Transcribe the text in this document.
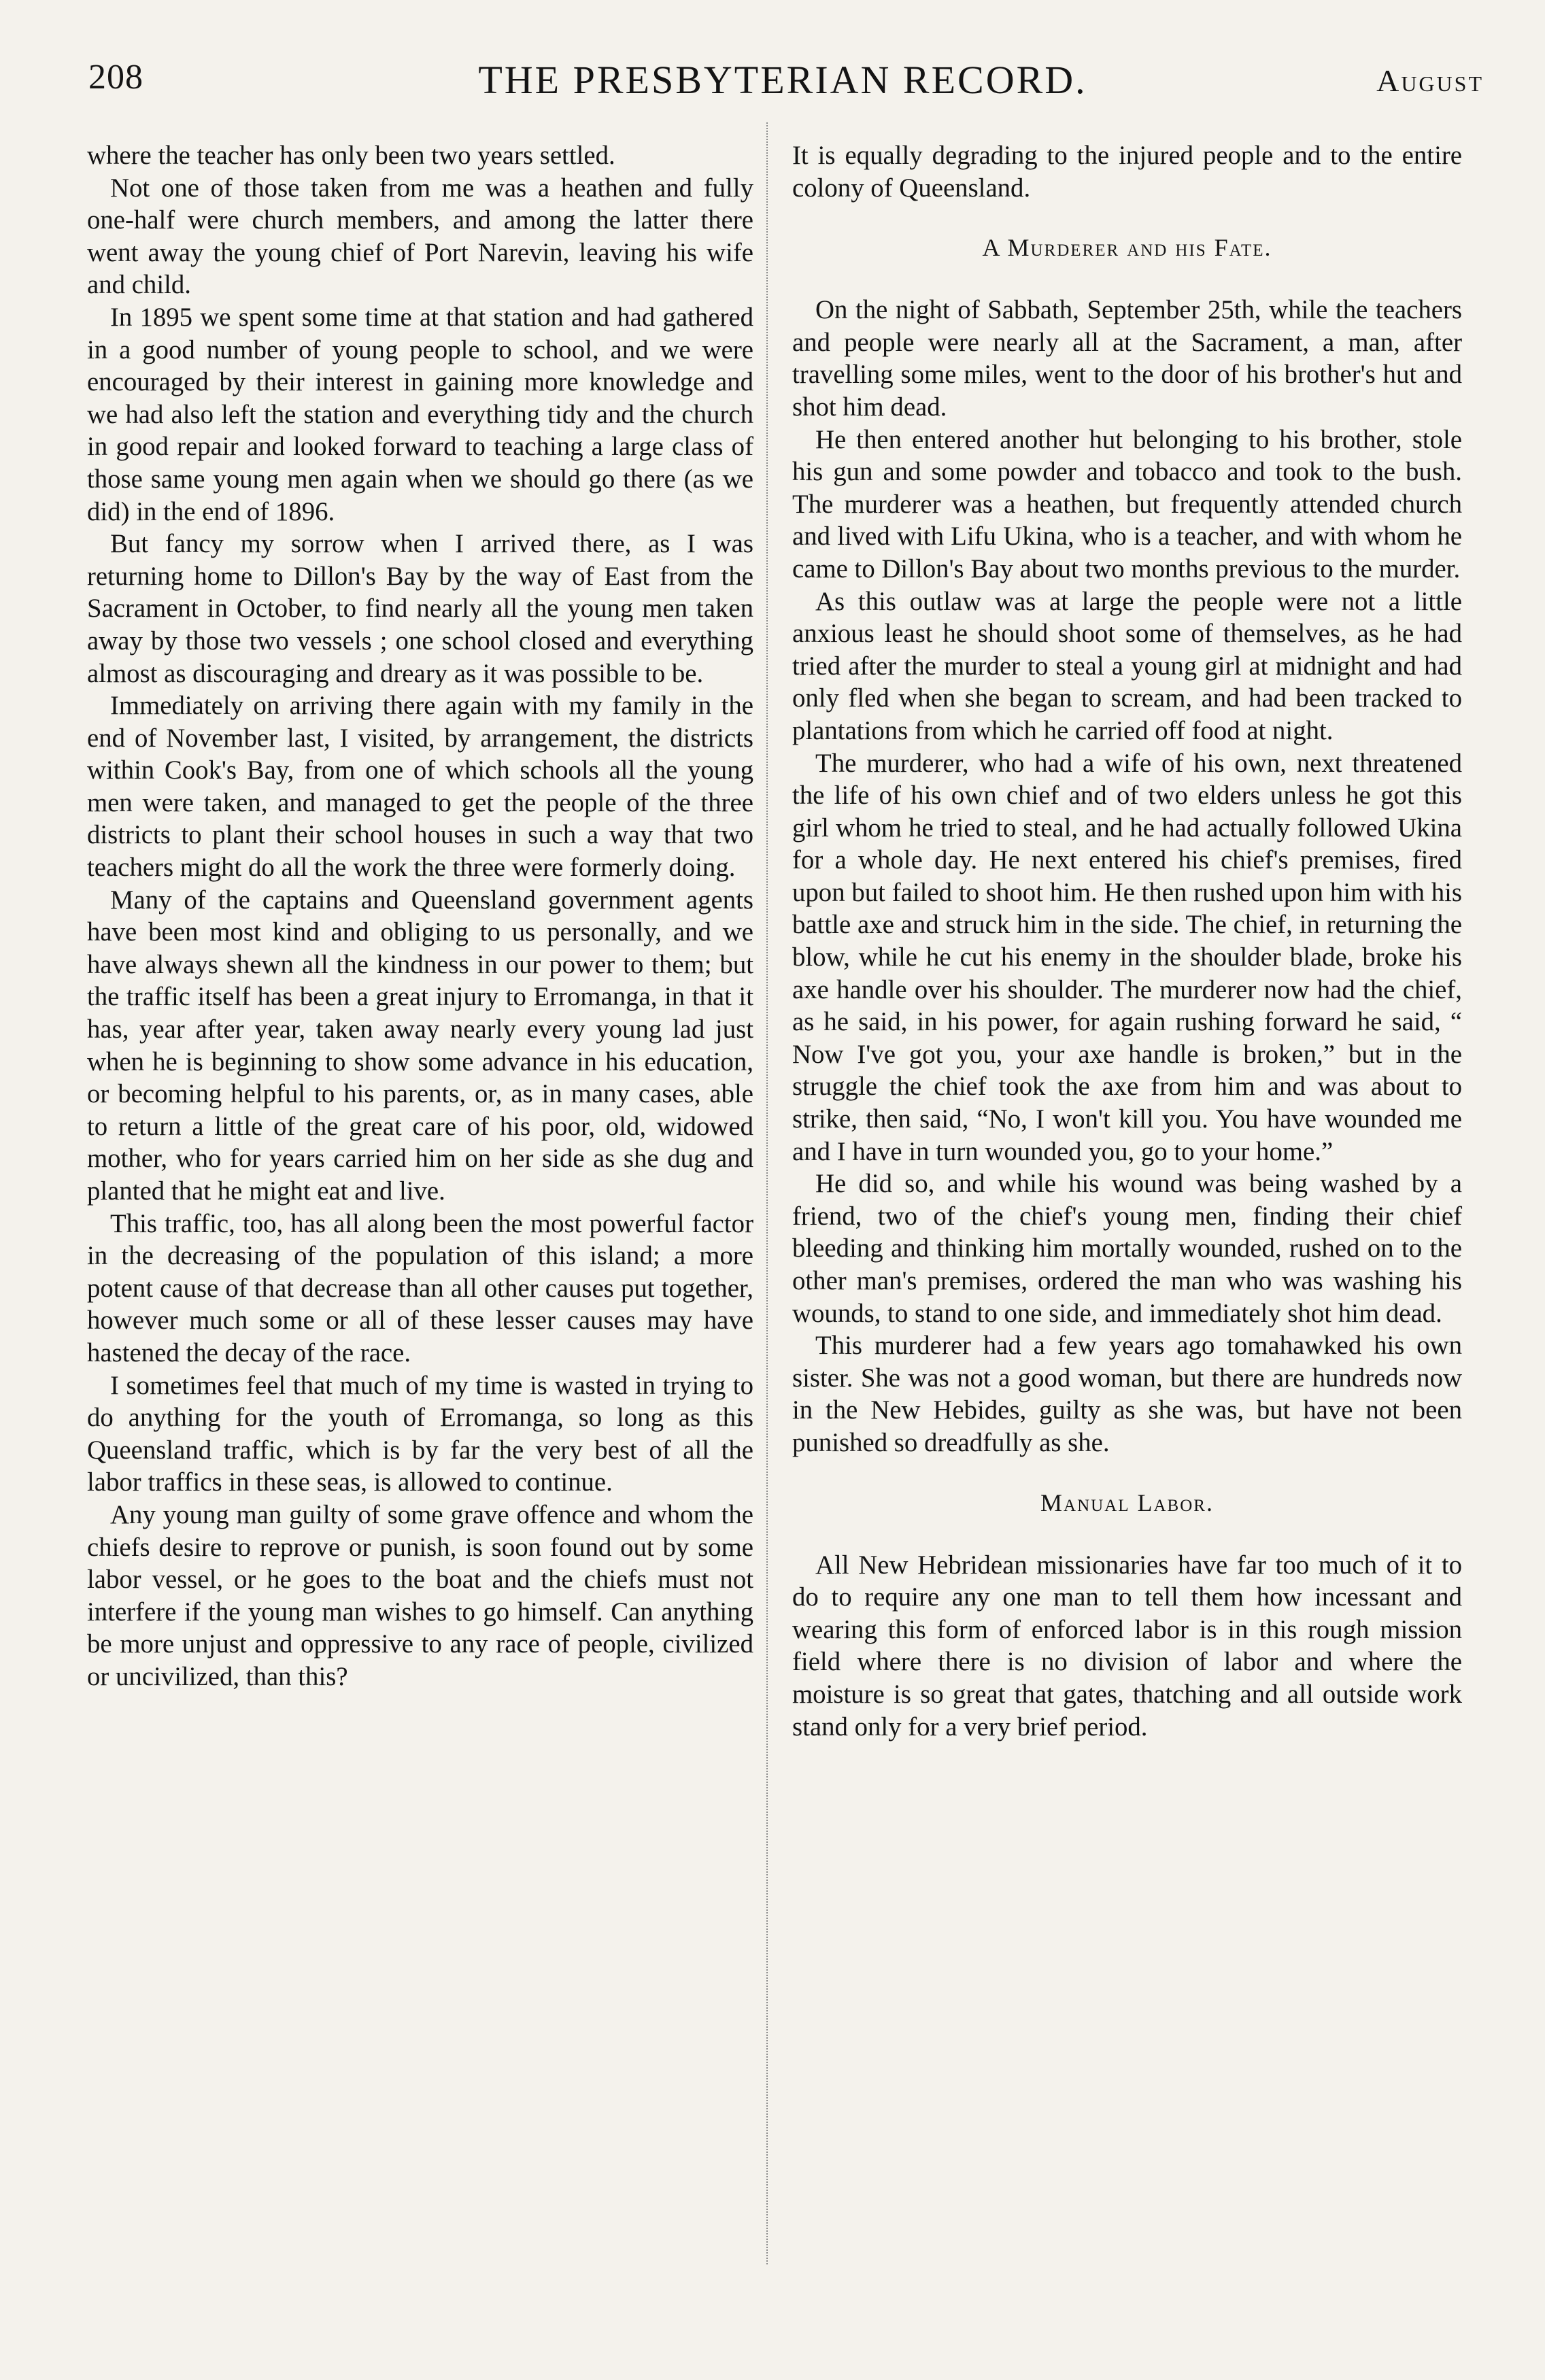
208	THE PRESBYTERIAN RECORD.	August

where the teacher has only been two years settled.

Not one of those taken from me was a heathen and fully one-half were church members, and among the latter there went away the young chief of Port Narevin, leaving his wife and child.

In 1895 we spent some time at that station and had gathered in a good number of young people to school, and we were encouraged by their interest in gaining more knowledge and we had also left the station and everything tidy and the church in good repair and looked forward to teaching a large class of those same young men again when we should go there (as we did) in the end of 1896.

But fancy my sorrow when I arrived there, as I was returning home to Dillon's Bay by the way of East from the Sacrament in October, to find nearly all the young men taken away by those two vessels ; one school closed and everything almost as discouraging and dreary as it was possible to be.

Immediately on arriving there again with my family in the end of November last, I visited, by arrangement, the districts within Cook's Bay, from one of which schools all the young men were taken, and managed to get the people of the three districts to plant their school houses in such a way that two teachers might do all the work the three were formerly doing.

Many of the captains and Queensland government agents have been most kind and obliging to us personally, and we have always shewn all the kindness in our power to them; but the traffic itself has been a great injury to Erromanga, in that it has, year after year, taken away nearly every young lad just when he is beginning to show some advance in his education, or becoming helpful to his parents, or, as in many cases, able to return a little of the great care of his poor, old, widowed mother, who for years carried him on her side as she dug and planted that he might eat and live.

This traffic, too, has all along been the most powerful factor in the decreasing of the population of this island; a more potent cause of that decrease than all other causes put together, however much some or all of these lesser causes may have hastened the decay of the race.

I sometimes feel that much of my time is wasted in trying to do anything for the youth of Erromanga, so long as this Queensland traffic, which is by far the very best of all the labor traffics in these seas, is allowed to continue.

Any young man guilty of some grave offence and whom the chiefs desire to reprove or punish, is soon found out by some labor vessel, or he goes to the boat and the chiefs must not interfere if the young man wishes to go himself. Can anything be more unjust and oppressive to any race of people, civilized or uncivilized, than this?

It is equally degrading to the injured people and to the entire colony of Queensland.

A Murderer and his Fate.

On the night of Sabbath, September 25th, while the teachers and people were nearly all at the Sacrament, a man, after travelling some miles, went to the door of his brother's hut and shot him dead.

He then entered another hut belonging to his brother, stole his gun and some powder and tobacco and took to the bush. The murderer was a heathen, but frequently attended church and lived with Lifu Ukina, who is a teacher, and with whom he came to Dillon's Bay about two months previous to the murder.

As this outlaw was at large the people were not a little anxious least he should shoot some of themselves, as he had tried after the murder to steal a young girl at midnight and had only fled when she began to scream, and had been tracked to plantations from which he carried off food at night.

The murderer, who had a wife of his own, next threatened the life of his own chief and of two elders unless he got this girl whom he tried to steal, and he had actually followed Ukina for a whole day. He next entered his chief's premises, fired upon but failed to shoot him. He then rushed upon him with his battle axe and struck him in the side. The chief, in returning the blow, while he cut his enemy in the shoulder blade, broke his axe handle over his shoulder. The murderer now had the chief, as he said, in his power, for again rushing forward he said, “ Now I've got you, your axe handle is broken,” but in the struggle the chief took the axe from him and was about to strike, then said, “No, I won't kill you. You have wounded me and I have in turn wounded you, go to your home.”

He did so, and while his wound was being washed by a friend, two of the chief's young men, finding their chief bleeding and thinking him mortally wounded, rushed on to the other man's premises, ordered the man who was washing his wounds, to stand to one side, and immediately shot him dead.

This murderer had a few years ago tomahawked his own sister. She was not a good woman, but there are hundreds now in the New Hebides, guilty as she was, but have not been punished so dreadfully as she.

Manual Labor.

All New Hebridean missionaries have far too much of it to do to require any one man to tell them how incessant and wearing this form of enforced labor is in this rough mission field where there is no division of labor and where the moisture is so great that gates, thatching and all outside work stand only for a very brief period.
